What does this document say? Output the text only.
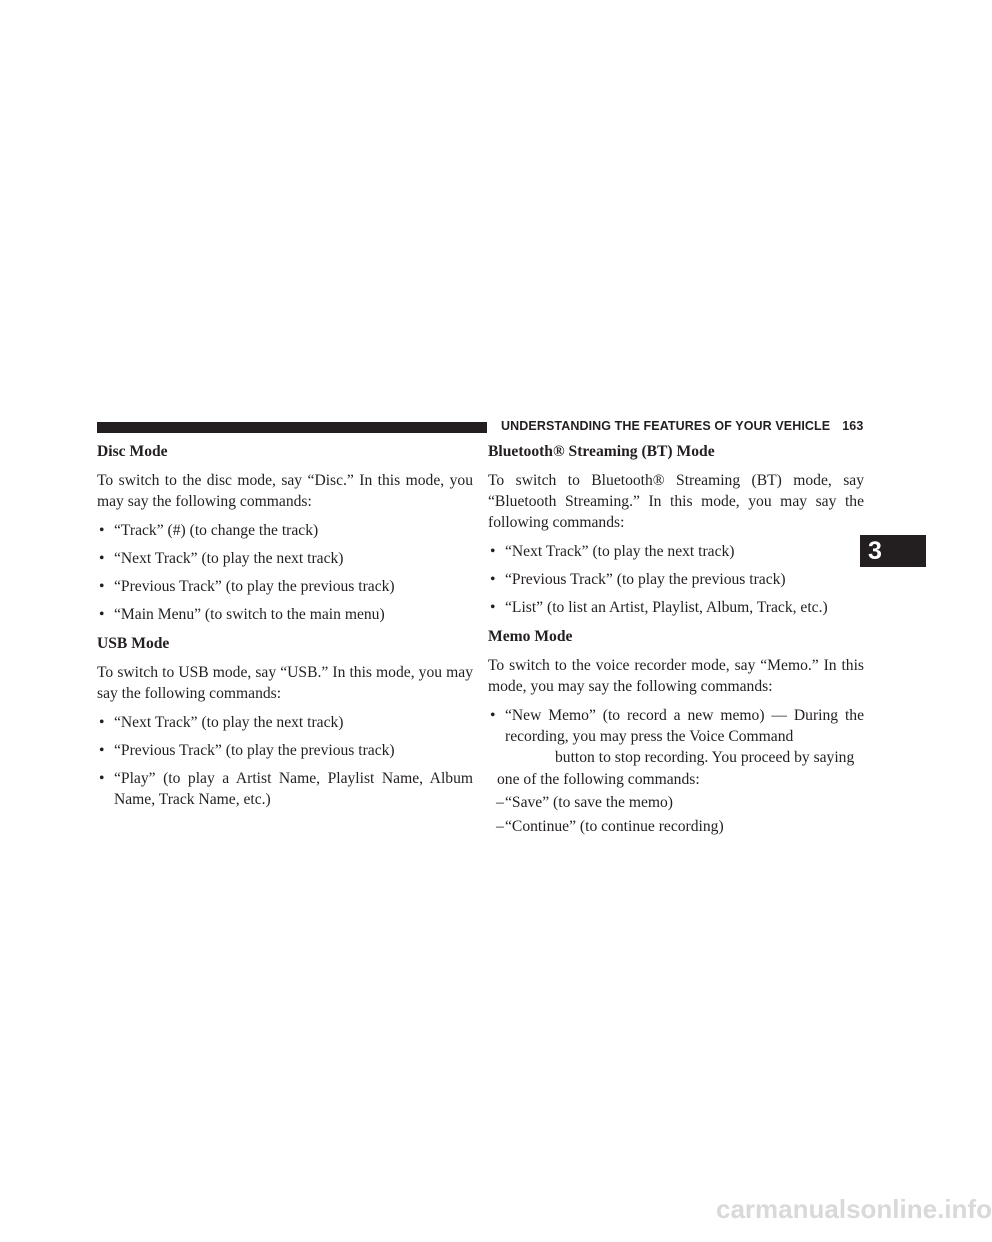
UNDERSTANDING THE FEATURES OF YOUR VEHICLE 163
3
Disc Mode

To switch to the disc mode, say “Disc.” In this mode, you may say the following commands:

• “Track” (#) (to change the track)
• “Next Track” (to play the next track)
• “Previous Track” (to play the previous track)
• “Main Menu” (to switch to the main menu)
USB Mode

To switch to USB mode, say “USB.” In this mode, you may say the following commands:

• “Next Track” (to play the next track)
• “Previous Track” (to play the previous track)
• “Play” (to play a Artist Name, Playlist Name, Album Name, Track Name, etc.)
Bluetooth® Streaming (BT) Mode

To switch to Bluetooth® Streaming (BT) mode, say “Bluetooth Streaming.” In this mode, you may say the following commands:

• “Next Track” (to play the next track)
• “Previous Track” (to play the previous track)
• “List” (to list an Artist, Playlist, Album, Track, etc.)
Memo Mode

To switch to the voice recorder mode, say “Memo.” In this mode, you may say the following commands:

• “New Memo” (to record a new memo) — During the recording, you may press the Voice Command
button to stop recording. You proceed by saying
one of the following commands:
– “Save” (to save the memo)
– “Continue” (to continue recording)
carmanualsonline.info
